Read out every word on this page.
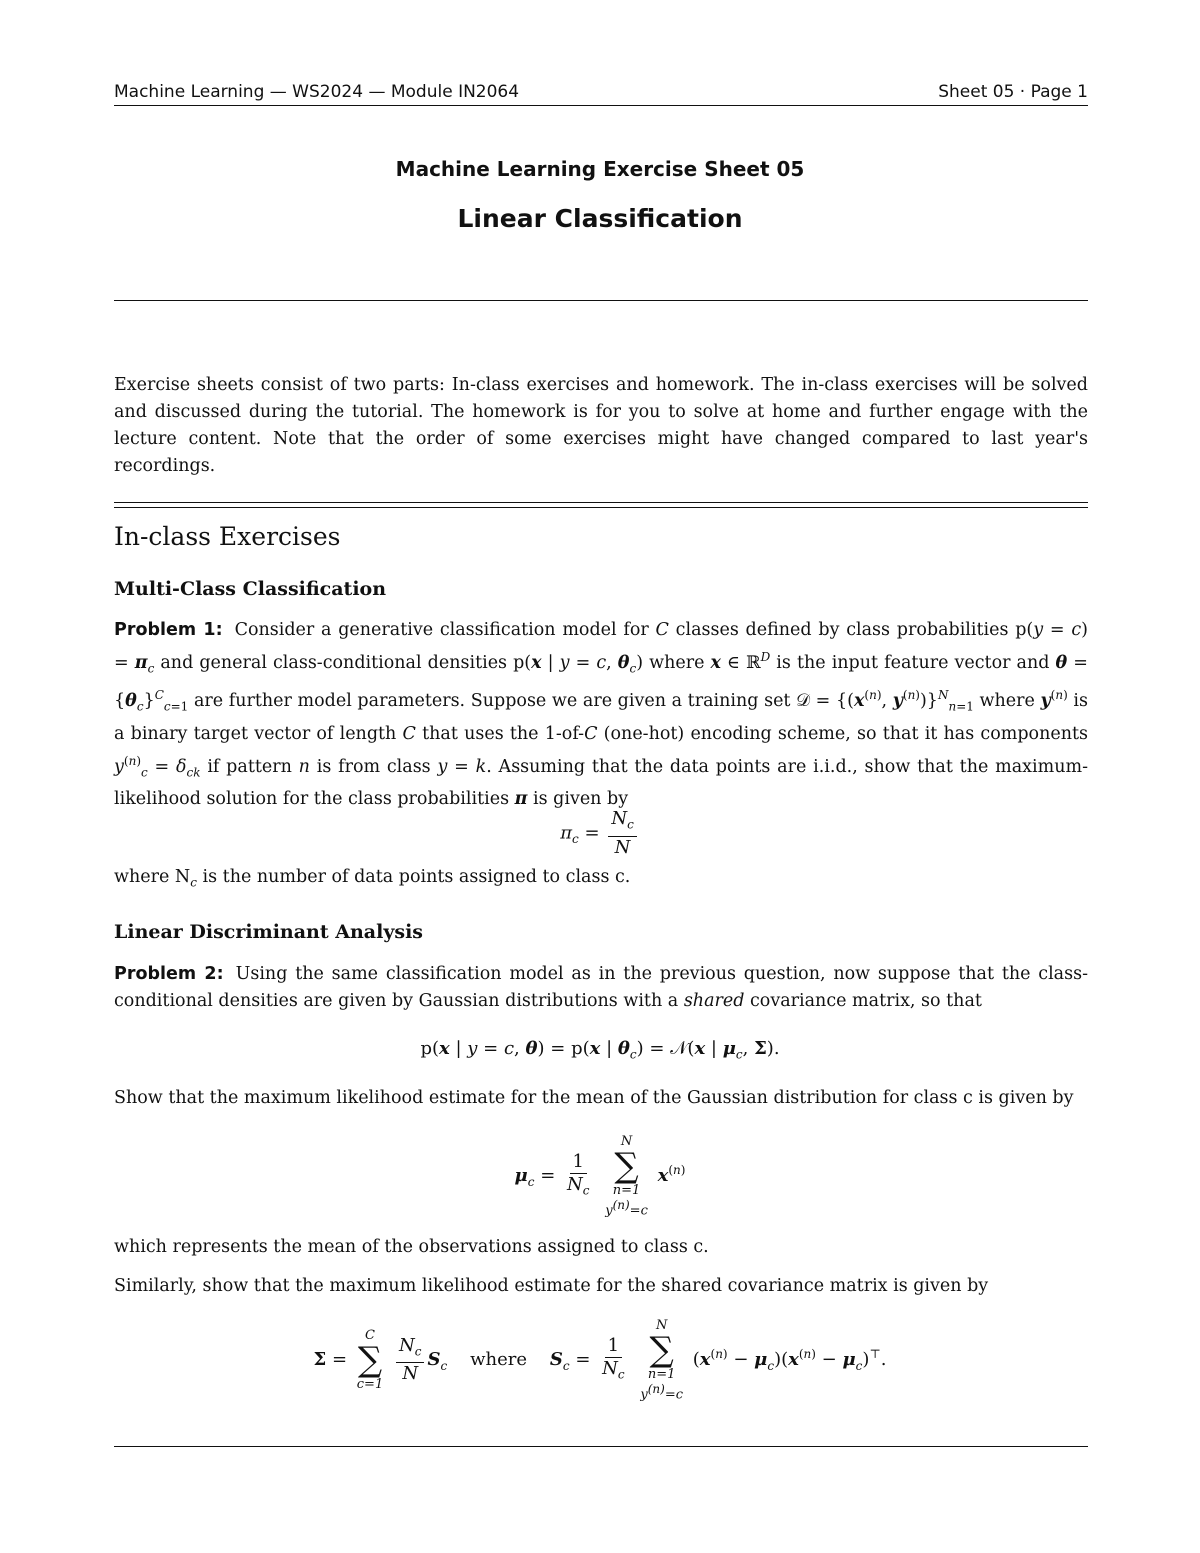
Machine Learning — WS2024 — Module IN2064	Sheet 05 · Page 1
Machine Learning Exercise Sheet 05
Linear Classification
Exercise sheets consist of two parts: In-class exercises and homework. The in-class exercises will be solved and discussed during the tutorial. The homework is for you to solve at home and further engage with the lecture content. Note that the order of some exercises might have changed compared to last year's recordings.
In-class Exercises
Multi-Class Classification
Problem 1: Consider a generative classification model for C classes defined by class probabilities $p(y = c) = \pi_c$ and general class-conditional densities p(x | y = c, $\theta_c$) where x ∈ ℝ$^D$ is the input feature vector and $\theta = \{\theta_c\}^C_{c=1}$ are further model parameters. Suppose we are given a training set 𝒟 = {($x^{(n)}$, $y^{(n)})\}^N_{n=1}$ where $y^{(n)}$ is a binary target vector of length C that uses the 1-of-C (one-hot) encoding scheme, so that it has components $y^{(n)}_c = \delta_{ck}$ if pattern n is from class y = k. Assuming that the data points are i.i.d., show that the maximum-likelihood solution for the class probabilities π is given by
$\pi_c = \frac{N_c}{N}$
where $N_c$ is the number of data points assigned to class c.
Linear Discriminant Analysis
Problem 2: Using the same classification model as in the previous question, now suppose that the class-conditional densities are given by Gaussian distributions with a shared covariance matrix, so that
p(x | y = c, θ) = p(x | $\theta_c$) = 𝒩(x | $\mu_c$, Σ).
Show that the maximum likelihood estimate for the mean of the Gaussian distribution for class c is given by
$\mu_c = \frac{1}{N_c}$

N
∑
n=1
$y^{(n)}=c$
$x^{(n)}$
which represents the mean of the observations assigned to class c.
Similarly, show that the maximum likelihood estimate for the shared covariance matrix is given by
Σ =
C
∑
c=1
$\frac{N_c}{N} S_c$ where $S_c = \frac{1}{N_c}$

N
∑
n=1
$y^{(n)}=c$
$(x^{(n)} - \mu_c)(x^{(n)} - \mu_c)^⊤$.
